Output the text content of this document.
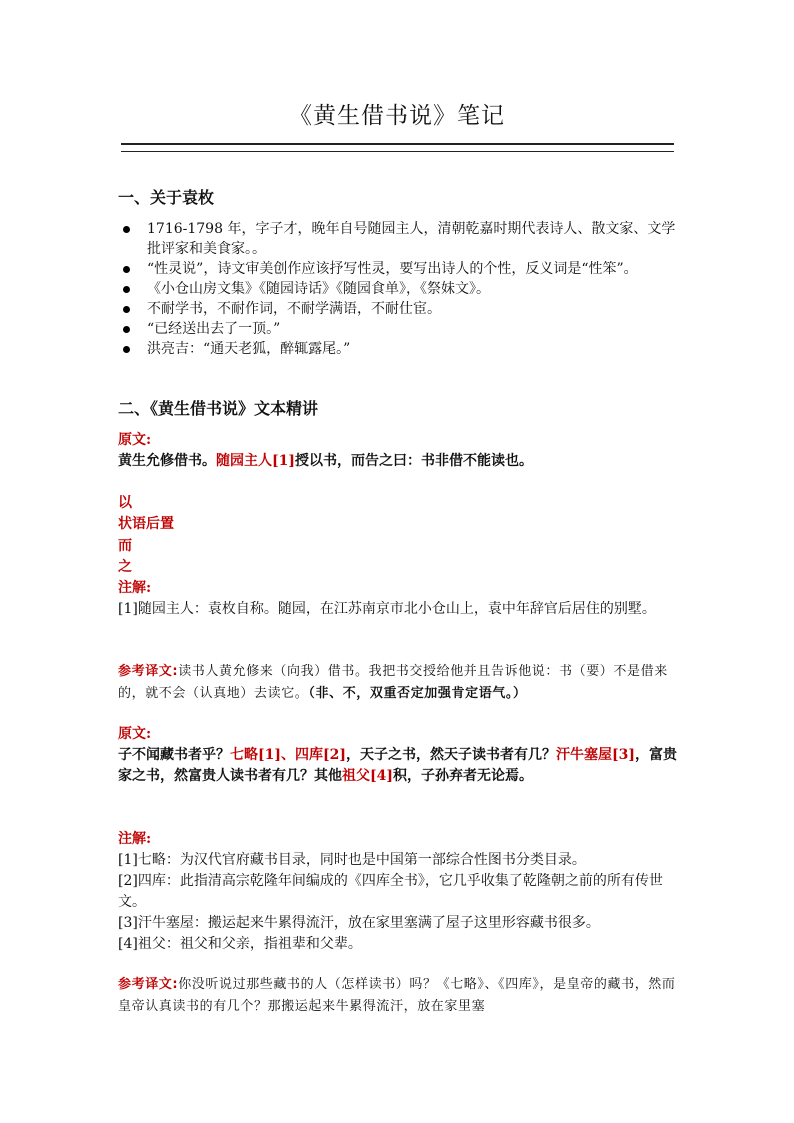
《黄生借书说》笔记
一、关于袁枚
1716-1798 年，字子才，晚年自号随园主人，清朝乾嘉时期代表诗人、散文家、文学批评家和美食家。。
“性灵说”，诗文审美创作应该抒写性灵，要写出诗人的个性，反义词是“性笨”。
《小仓山房文集》《随园诗话》《随园食单》，《祭妹文》。
不耐学书，不耐作词，不耐学满语，不耐仕宦。
“已经送出去了一顶。”
洪亮吉：“通天老狐，醉辄露尾。”
二、《黄生借书说》文本精讲
原文:
黄生允修借书。随园主人[1]授以书，而告之曰：书非借不能读也。
以
状语后置
而
之
注解:
[1]随园主人：袁枚自称。随园，在江苏南京市北小仓山上，袁中年辞官后居住的别墅。
参考译文:读书人黄允修来（向我）借书。我把书交授给他并且告诉他说：书（要）不是借来的，就不会（认真地）去读它。（非、不，双重否定加强肯定语气。）
原文:
子不闻藏书者乎？七略[1]、四库[2]，天子之书，然天子读书者有几？汗牛塞屋[3]，富贵家之书，然富贵人读书者有几？其他祖父[4]积，子孙弃者无论焉。
注解:
[1]七略：为汉代官府藏书目录，同时也是中国第一部综合性图书分类目录。
[2]四库：此指清高宗乾隆年间编成的《四库全书》，它几乎收集了乾隆朝之前的所有传世文。
[3]汗牛塞屋：搬运起来牛累得流汗，放在家里塞满了屋子这里形容藏书很多。
[4]祖父：祖父和父亲，指祖辈和父辈。
参考译文:你没听说过那些藏书的人（怎样读书）吗？《七略》、《四库》，是皇帝的藏书，然而皇帝认真读书的有几个？那搬运起来牛累得流汗，放在家里塞
